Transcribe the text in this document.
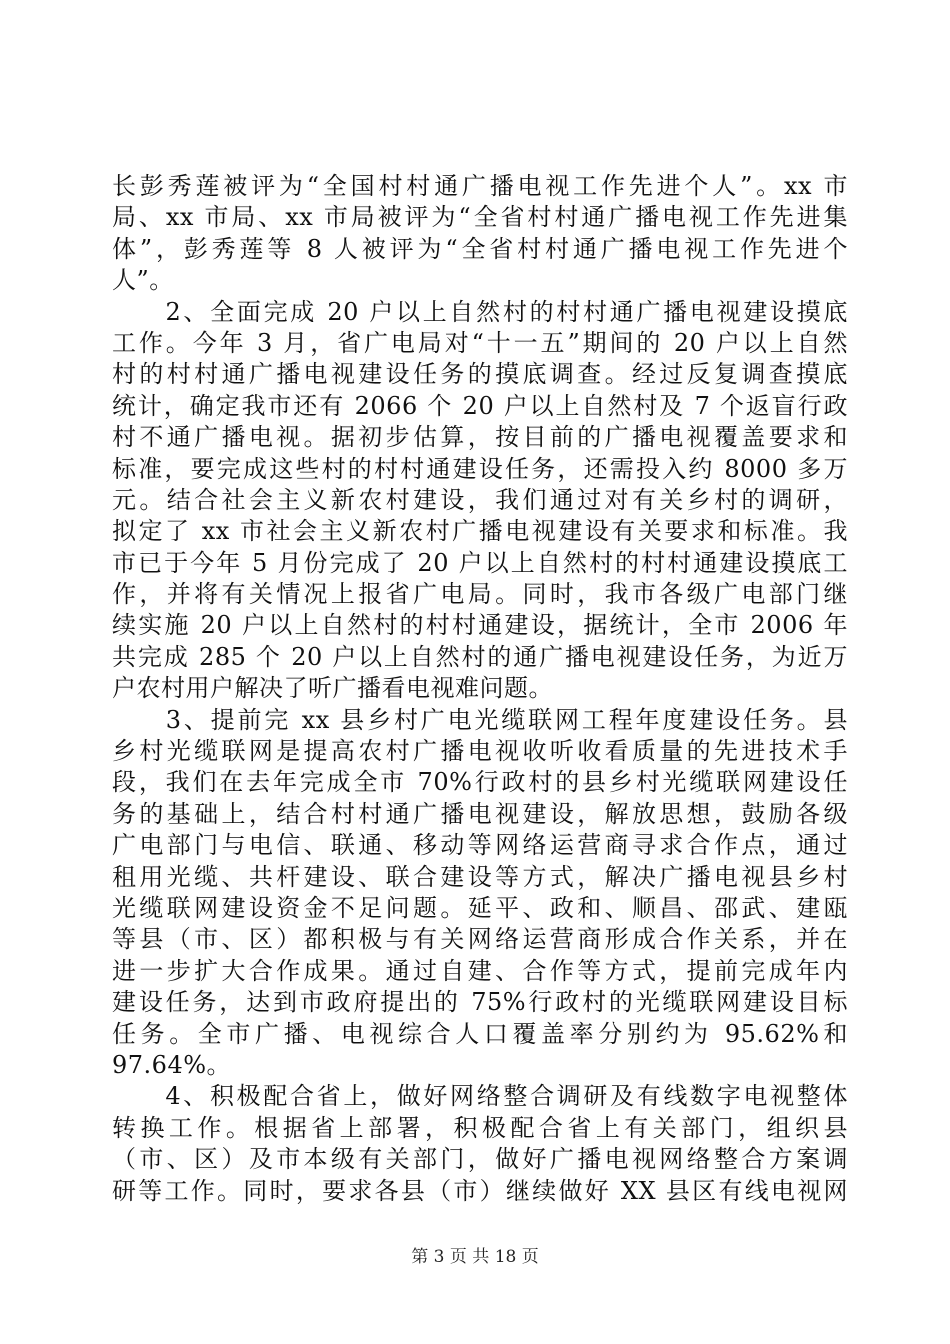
长彭秀莲被评为“全国村村通广播电视工作先进个人”。xx 市
局、xx 市局、xx 市局被评为“全省村村通广播电视工作先进集
体”，彭秀莲等 8 人被评为“全省村村通广播电视工作先进个
人”。
　　2、全面完成 20 户以上自然村的村村通广播电视建设摸底
工作。今年 3 月，省广电局对“十一五”期间的 20 户以上自然
村的村村通广播电视建设任务的摸底调查。经过反复调查摸底
统计，确定我市还有 2066 个 20 户以上自然村及 7 个返盲行政
村不通广播电视。据初步估算，按目前的广播电视覆盖要求和
标准，要完成这些村的村村通建设任务，还需投入约 8000 多万
元。结合社会主义新农村建设，我们通过对有关乡村的调研，
拟定了 xx 市社会主义新农村广播电视建设有关要求和标准。我
市已于今年 5 月份完成了 20 户以上自然村的村村通建设摸底工
作，并将有关情况上报省广电局。同时，我市各级广电部门继
续实施 20 户以上自然村的村村通建设，据统计，全市 2006 年
共完成 285 个 20 户以上自然村的通广播电视建设任务，为近万
户农村用户解决了听广播看电视难问题。
　　3、提前完 xx 县乡村广电光缆联网工程年度建设任务。县
乡村光缆联网是提高农村广播电视收听收看质量的先进技术手
段，我们在去年完成全市 70%行政村的县乡村光缆联网建设任
务的基础上，结合村村通广播电视建设，解放思想，鼓励各级
广电部门与电信、联通、移动等网络运营商寻求合作点，通过
租用光缆、共杆建设、联合建设等方式，解决广播电视县乡村
光缆联网建设资金不足问题。延平、政和、顺昌、邵武、建瓯
等县（市、区）都积极与有关网络运营商形成合作关系，并在
进一步扩大合作成果。通过自建、合作等方式，提前完成年内
建设任务，达到市政府提出的 75%行政村的光缆联网建设目标
任务。全市广播、电视综合人口覆盖率分别约为 95.62%和
97.64%。
　　4、积极配合省上，做好网络整合调研及有线数字电视整体
转换工作。根据省上部署，积极配合省上有关部门，组织县
（市、区）及市本级有关部门，做好广播电视网络整合方案调
研等工作。同时，要求各县（市）继续做好 XX 县区有线电视网
第 3 页 共 18 页
